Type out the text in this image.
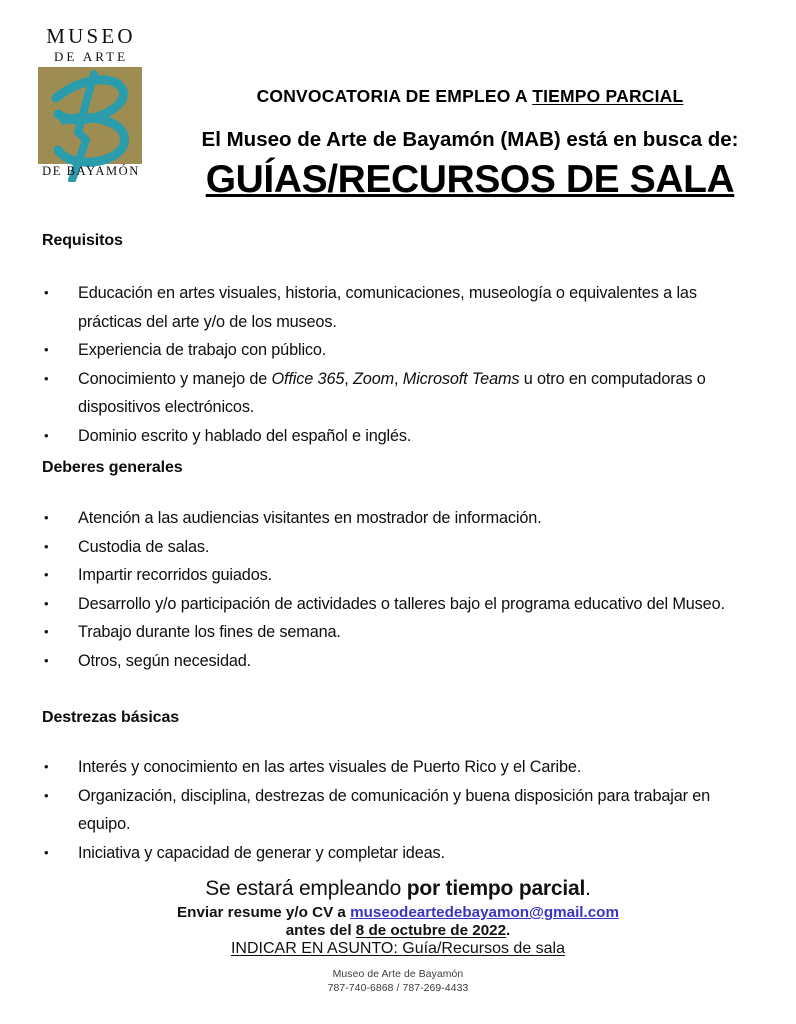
MUSEO
DE ARTE
DE BAYAMÓN
CONVOCATORIA DE EMPLEO A TIEMPO PARCIAL
El Museo de Arte de Bayamón (MAB) está en busca de:
GUÍAS/RECURSOS DE SALA
Requisitos
•	Educación en artes visuales, historia, comunicaciones, museología o equivalentes a las prácticas del arte y/o de los museos.
•	Experiencia de trabajo con público.
•	Conocimiento y manejo de Office 365, Zoom, Microsoft Teams u otro en computadoras o dispositivos electrónicos.
•	Dominio escrito y hablado del español e inglés.
Deberes generales
•	Atención a las audiencias visitantes en mostrador de información.
•	Custodia de salas.
•	Impartir recorridos guiados.
•	Desarrollo y/o participación de actividades o talleres bajo el programa educativo del Museo.
•	Trabajo durante los fines de semana.
•	Otros, según necesidad.
Destrezas básicas
•	Interés y conocimiento en las artes visuales de Puerto Rico y el Caribe.
•	Organización, disciplina, destrezas de comunicación y buena disposición para trabajar en equipo.
•	Iniciativa y capacidad de generar y completar ideas.
Se estará empleando por tiempo parcial.
Enviar resume y/o CV a museodeartedebayamon@gmail.com
antes del 8 de octubre de 2022.
INDICAR EN ASUNTO: Guía/Recursos de sala
Museo de Arte de Bayamón
787-740-6868 / 787-269-4433
